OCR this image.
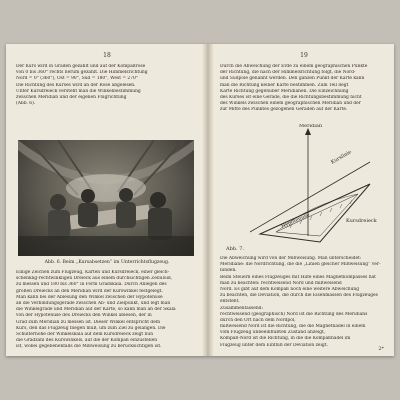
18
Der Kurs wird in Graden gezählt und auf der Kompaßrose
von 0 bis 360° rechts herum gezählt. Die Himmelsrichtung
Nord = 0° (360°), Ost = 90°, Süd = 180°, West = 270°
Die Richtung des Kurses wird an der Rose abgelesen.
Unter Kursdreieck versteht man die Winkelbestimmung
zwischen Meridian und der eigenen Flugrichtung
(Abb. 6).
Abb. 6. Beim „Kursabsetzen“ im Unterrichtsflugzeug.
Einige Zeichen zum Flugzeug, Karten und Kursdreieck, einer gleich-
schenklig-rechtwinkligen Dreieck aus einem durchsichtigen Zelluloid,
zu messen und 180 bis 360° in Form Gradskala. Durch Anlegen des
großen Dreiecks an den Meridian wird der Kurswinkel festgelegt.
Man kann bei der Ablesung den Winkel zwischen der Hypotenuse
an die Verbindungsgerade zwischen Ab- und Zielpunkt, und legt man
die Winkelgrade und Meridian auf der Karte, so kann man an der Skala
von der Hypotenuse des Dreiecks den Winkel ablesen, der in
Grad zum Meridian zu messen ist. Dieser Winkel entspricht dem
Kurs, den das Flugzeug fliegen muß, um zum Ziel zu gelangen. Die
Schulterhöhe der Winkelskala auf dem Kursdreieck zeigt nun
die Gradzahl des Kurswinkels, auf die der Kompaß einzustellen
ist, wobei gegebenenfalls die Mißweisung zu berücksichtigen ist.
19
Durch die Abweichung der Erde zu einem geographischen Punkte
der Richtung, die nach der Himmelsrichtung folgt, die Nord-
und Südpole genannt werden. Den ganzen Punkt der Karte kann
man die Richtung keiner Karte bestimmen. Zum Teil liegt
Karte Richtung gegenüber Meridianen. Die Einzeichnung
des Kurses ist eine Gerade, die die Richtungsbestimmung nicht
des Winkels zwischen einem geographischen Meridian und der
zur Mitte des Punktes gezogenen Geraden auf der Karte.
Meridian
Kurslinie
Hypotenuse	Kursdreieck
Abb. 7.
Die Abweichung wird von der Mißweisung. Man unterscheidet:
Meridiane: die Nordrichtung, die die „Linien gleicher Mißweisung“ ver-
binden.
Beim Steuern eines Flugzeuges mit Hilfe eines Magnetkompasses hat
man zu beachten: rechtweisend Nord und mißweisend
Nord. Es gibt auf dem Kompaß noch eine weitere Abweichung
zu beachten, die Deviation, die durch die Eisenmassen des Flugzeuges
entsteht.
Zusammenfassend:
rechtweisend (geographisch) Nord ist die Richtung des Meridians
durch den Ort nach dem Nordpol,
mißweisend Nord ist die Richtung, die die Magnetnadel in einem
vom Flugzeug unbeeinflußten Zustand anzeigt,
Kompaß-Nord ist die Richtung, in die die Kompaßnadel im
Flugzeug unter dem Einfluß der Deviation zeigt.
2*
